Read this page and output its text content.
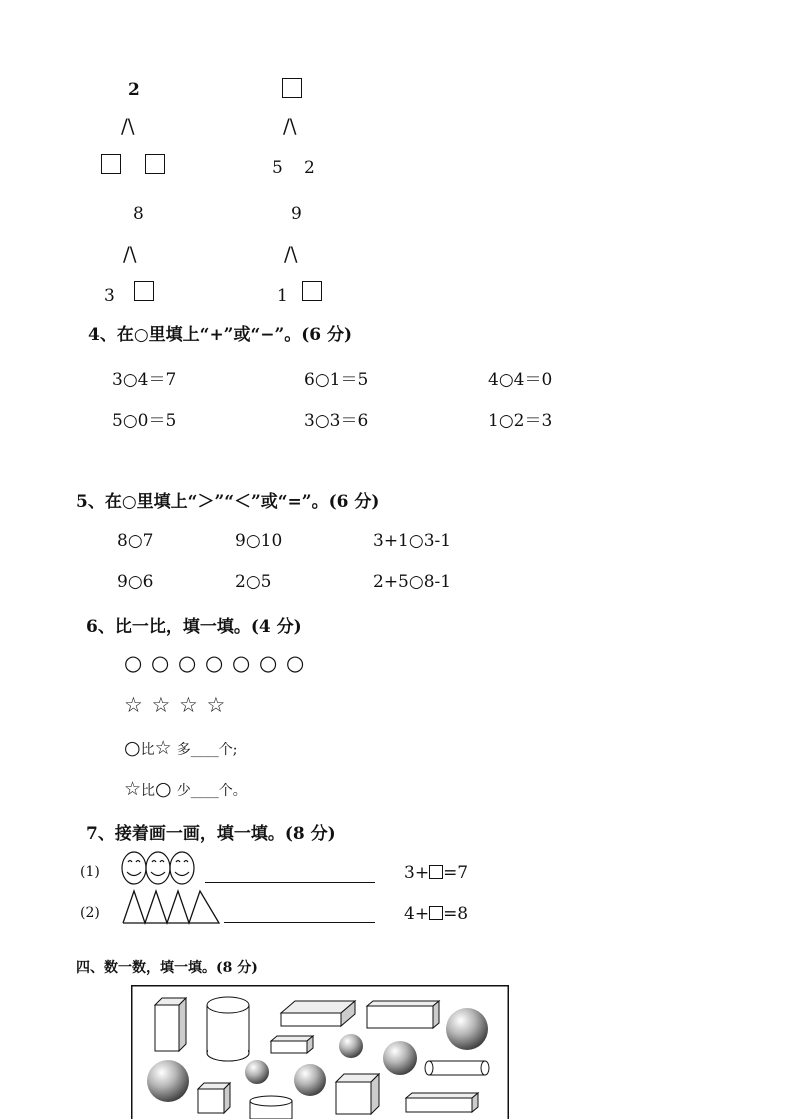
2
/\	/\
5 2
8
/\
3
9
/\
1
4、在○里填上“+”或“−”。(6 分)
3○4＝7	6○1＝5	4○4＝0
5○0＝5	3○3＝6	1○2＝3
5、在○里填上“＞”“＜”或“=”。(6 分)
8○7	9○10	3+1○3-1
9○6	2○5	2+5○8-1
6、比一比，填一填。(4 分)
○ ○ ○ ○ ○ ○ ○
☆ ☆ ☆ ☆
○比☆ 多____个;
☆比○ 少____个。
7、接着画一画，填一填。(8 分)
(1)	3+ =7
(2)	4+ =8
四、数一数，填一填。(8 分)
